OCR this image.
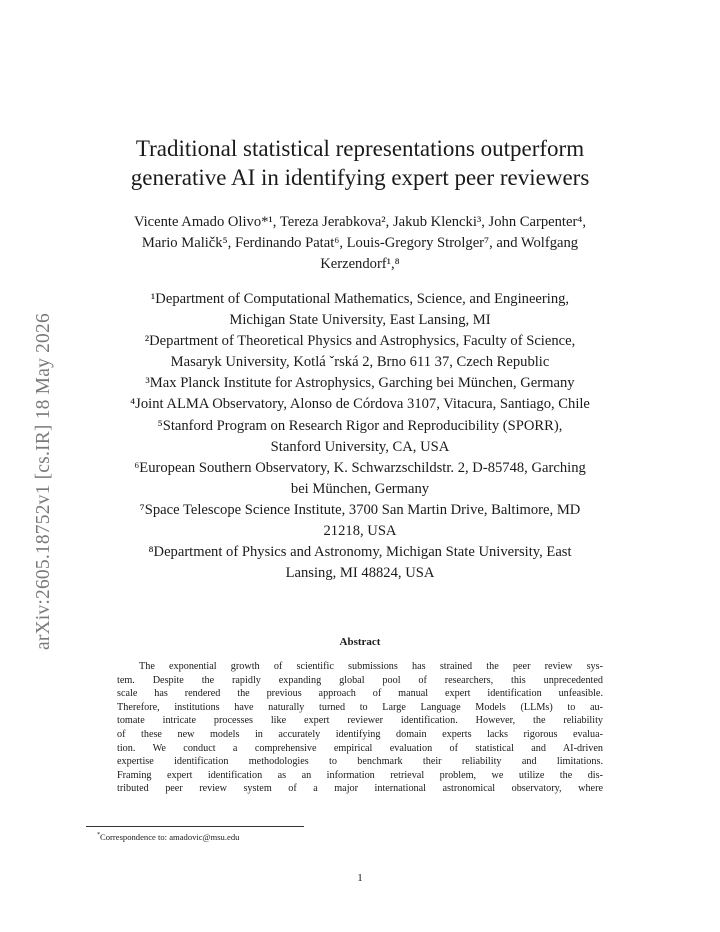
arXiv:2605.18752v1 [cs.IR] 18 May 2026
Traditional statistical representations outperform
generative AI in identifying expert peer reviewers
Vicente Amado Olivo*¹, Tereza Jerabkova², Jakub Klencki³, John Carpenter⁴,
Mario Maličk⁵, Ferdinando Patat⁶, Louis-Gregory Strolger⁷, and Wolfgang
Kerzendorf¹,⁸
¹Department of Computational Mathematics, Science, and Engineering,
Michigan State University, East Lansing, MI
²Department of Theoretical Physics and Astrophysics, Faculty of Science,
Masaryk University, Kotlá ˇrská 2, Brno 611 37, Czech Republic
³Max Planck Institute for Astrophysics, Garching bei München, Germany
⁴Joint ALMA Observatory, Alonso de Córdova 3107, Vitacura, Santiago, Chile
⁵Stanford Program on Research Rigor and Reproducibility (SPORR),
Stanford University, CA, USA
⁶European Southern Observatory, K. Schwarzschildstr. 2, D-85748, Garching
bei München, Germany
⁷Space Telescope Science Institute, 3700 San Martin Drive, Baltimore, MD
21218, USA
⁸Department of Physics and Astronomy, Michigan State University, East
Lansing, MI 48824, USA
Abstract
The exponential growth of scientific submissions has strained the peer review sys-
tem. Despite the rapidly expanding global pool of researchers, this unprecedented
scale has rendered the previous approach of manual expert identification unfeasible.
Therefore, institutions have naturally turned to Large Language Models (LLMs) to au-
tomate intricate processes like expert reviewer identification. However, the reliability
of these new models in accurately identifying domain experts lacks rigorous evalua-
tion. We conduct a comprehensive empirical evaluation of statistical and AI-driven
expertise identification methodologies to benchmark their reliability and limitations.
Framing expert identification as an information retrieval problem, we utilize the dis-
tributed peer review system of a major international astronomical observatory, where
*Correspondence to: amadovic@msu.edu
1
